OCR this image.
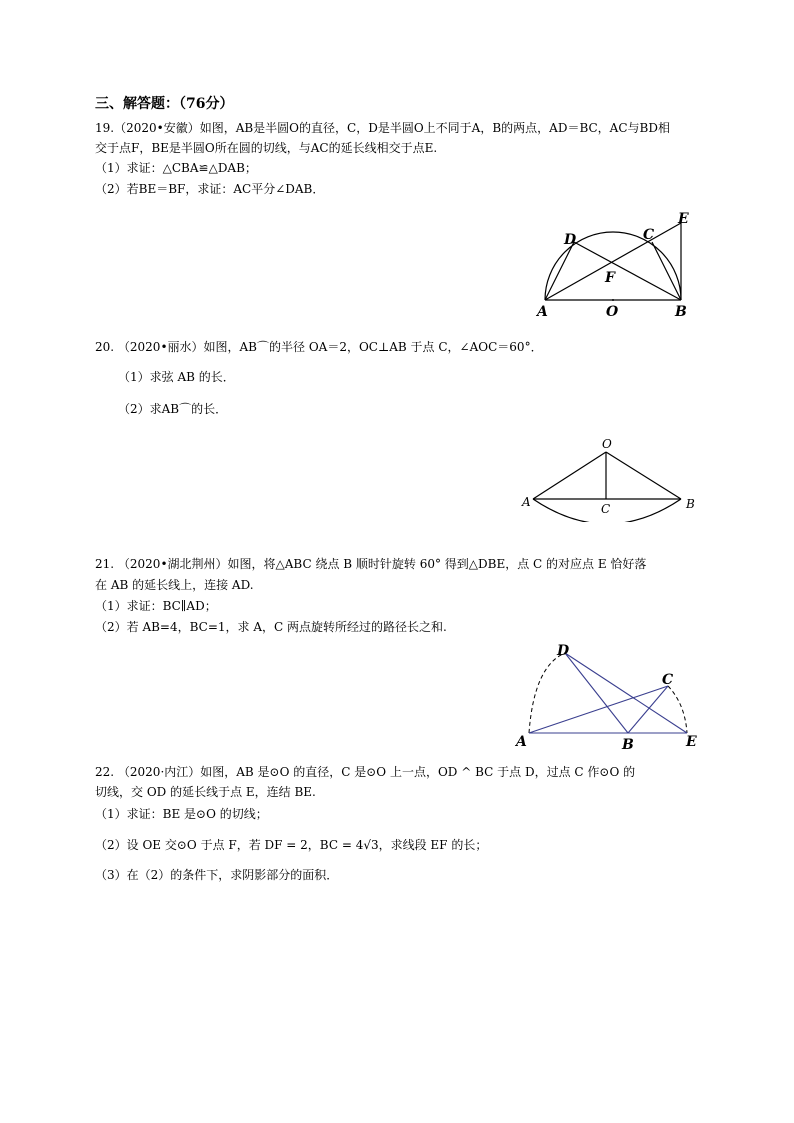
三、解答题：（76分）
19.（2020•安徽）如图，AB是半圆O的直径，C，D是半圆O上不同于A，B的两点，AD＝BC，AC与BD相
交于点F，BE是半圆O所在圆的切线，与AC的延长线相交于点E.
（1）求证：△CBA≌△DAB；
（2）若BE＝BF，求证：AC平分∠DAB．
D	C
E
F
A	O	B
20. （2020•丽水）如图，AB⌒的半径 OA＝2，OC⊥AB 于点 C，∠AOC＝60°．
（1）求弦 AB 的长．
（2）求AB⌒的长．
O
A	B
C
21. （2020•湖北荆州）如图，将△ABC 绕点 B 顺时针旋转 60° 得到△DBE，点 C 的对应点 E 恰好落
在 AB 的延长线上，连接 AD.
（1）求证：BC∥AD；
（2）若 AB=4，BC=1，求 A，C 两点旋转所经过的路径长之和.
D
C
A	B	E
22. （2020·内江）如图，AB 是⊙O 的直径，C 是⊙O 上一点，OD ^ BC 于点 D，过点 C 作⊙O 的
切线，交 OD 的延长线于点 E，连结 BE.
（1）求证：BE 是⊙O 的切线；
（2）设 OE 交⊙O 于点 F，若 DF = 2，BC = 4√3，求线段 EF 的长；
（3）在（2）的条件下，求阴影部分的面积．
